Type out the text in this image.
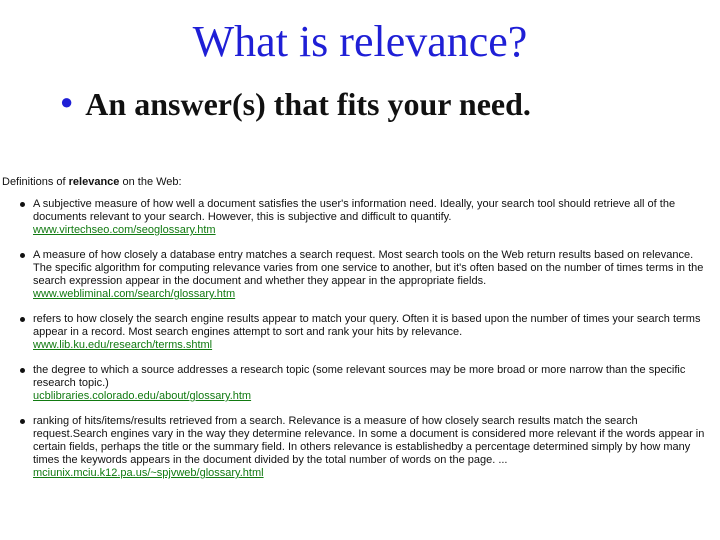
What is relevance?
● An answer(s) that fits your need.
Definitions of relevance on the Web:
A subjective measure of how well a document satisfies the user's information need. Ideally, your search tool should retrieve all of the documents relevant to your search. However, this is subjective and difficult to quantify.
www.virtechseo.com/seoglossary.htm
A measure of how closely a database entry matches a search request. Most search tools on the Web return results based on relevance. The specific algorithm for computing relevance varies from one service to another, but it's often based on the number of times terms in the search expression appear in the document and whether they appear in the appropriate fields.
www.webliminal.com/search/glossary.htm
refers to how closely the search engine results appear to match your query. Often it is based upon the number of times your search terms appear in a record. Most search engines attempt to sort and rank your hits by relevance.
www.lib.ku.edu/research/terms.shtml
the degree to which a source addresses a research topic (some relevant sources may be more broad or more narrow than the specific research topic.)
ucblibraries.colorado.edu/about/glossary.htm
ranking of hits/items/results retrieved from a search. Relevance is a measure of how closely search results match the search request.Search engines vary in the way they determine relevance. In some a document is considered more relevant if the words appear in certain fields, perhaps the title or the summary field. In others relevance is establishedby a percentage determined simply by how many times the keywords appears in the document divided by the total number of words on the page. ...
mciunix.mciu.k12.pa.us/~spjvweb/glossary.html
